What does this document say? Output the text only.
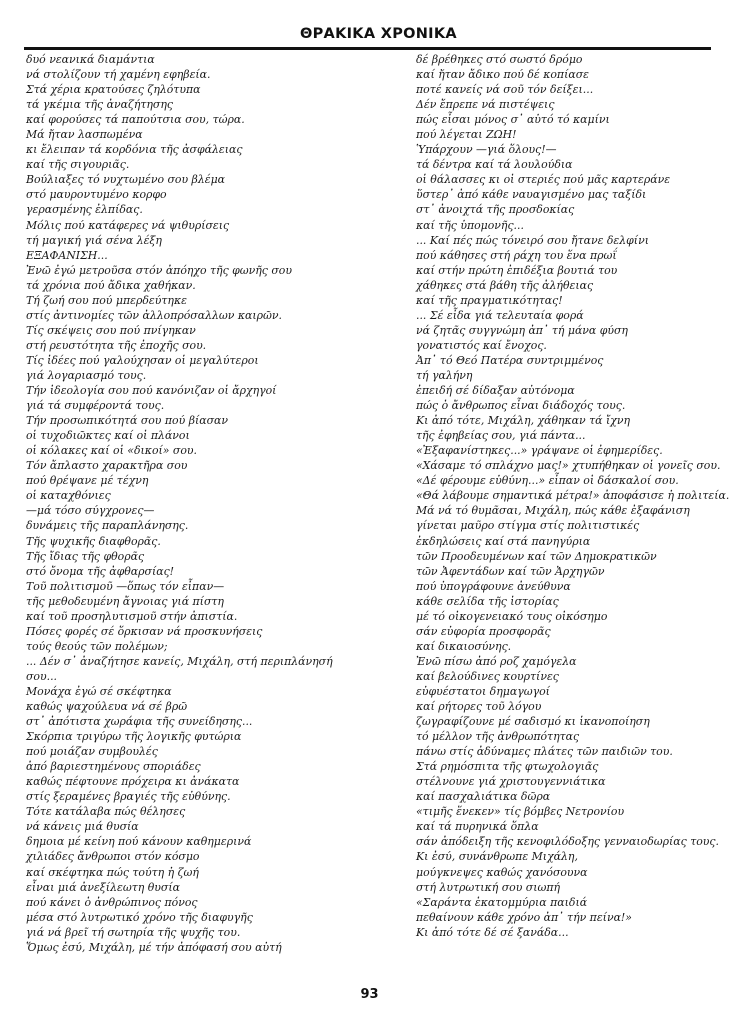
ΘΡΑΚΙΚΑ ΧΡΟΝΙΚΑ
δυό νεανικά διαμάντια
νά στολίζουν τή χαμένη εφηβεία.
Στά χέρια κρατούσες ζηλότυπα
τά γκέμια τῆς ἀναζήτησης
καί φορούσες τά παπούτσια σου, τώρα.
Μά ἤταν λασπωμένα
κι ἔλειπαν τά κορδόνια τῆς ἀσφάλειας
καί τῆς σιγουριᾶς.
Βούλιαξες τό νυχτωμένο σου βλέμα
στό μαυροντυμένο κορφο
γερασμένης ἐλπίδας.
Μόλις πού κατάφερες νά ψιθυρίσεις
τή μαγική γιά σένα λέξη
ΕΞΑΦΑΝΙΣΗ...
Ἐνῶ ἐγώ μετροῦσα στόν ἀπόηχο τῆς φωνῆς σου
τά χρόνια πού ἄδικα χαθήκαν.
Τή ζωή σου πού μπερδεύτηκε
στίς ἀντινομίες τῶν ἀλλοπρόσαλλων καιρῶν.
Τίς σκέψεις σου πού πνίγηκαν
στή ρευστότητα τῆς ἐποχῆς σου.
Τίς ἰδέες πού γαλούχησαν οἱ μεγαλύτεροι
γιά λογαριασμό τους.
Τήν ἰδεολογία σου πού κανόνιζαν οἱ ἄρχηγοί
γιά τά συμφέροντά τους.
Τήν προσωπικότητά σου πού βίασαν
οἱ τυχοδιῶκτες καί οἱ πλάνοι
οἱ κόλακες καί οἱ «δικοί» σου.
Τόν ἄπλαστο χαρακτῆρα σου
πού θρέψανε μέ τέχνη
οἱ καταχθόνιες
—μά τόσο σύγχρονες—
δυνάμεις τῆς παραπλάνησης.
Τῆς ψυχικῆς διαφθορᾶς.
Τῆς ἴδιας τῆς φθορᾶς
στό ὄνομα τῆς ἀφθαρσίας!
Τοῦ πολιτισμοῦ —ὅπως τόν εἶπαν—
τῆς μεθοδευμένη ἄγνοιας γιά πίστη
καί τοῦ προσηλυτισμοῦ στήν ἀπιστία.
Πόσες φορές σέ ὅρκισαν νά προσκυνήσεις
τούς θεούς τῶν πολέμων;
... Δέν σ᾽ ἀναζήτησε κανείς, Μιχάλη, στή περιπλάνησή
σου...
Μονάχα ἐγώ σέ σκέφτηκα
καθώς ψαχούλευα νά σέ βρῶ
στ᾽ ἀπότιστα χωράφια τῆς συνείδησης...
Σκόρπια τριγύρω τῆς λογικῆς φυτώρια
πού μοιάζαν συμβουλές
ἀπό βαριεστημένους σποριάδες
καθώς πέφτουνε πρόχειρα κι ἀνάκατα
στίς ξεραμένες βραγιές τῆς εὐθύνης.
Τότε κατάλαβα πώς θέλησες
νά κάνεις μιά θυσία
δημοια μέ κείνη πού κάνουν καθημερινά
χιλιάδες ἄνθρωποι στόν κόσμο
καί σκέφτηκα πώς τούτη ἡ ζωή
εἶναι μιά ἀνεξίλεωτη θυσία
πού κάνει ὁ ἀνθρώπινος πόνος
μέσα στό λυτρωτικό χρόνο τῆς διαφυγῆς
γιά νά βρεῖ τή σωτηρία τῆς ψυχῆς του.
Ὅμως ἐσύ, Μιχάλη, μέ τήν ἀπόφασή σου αὐτή
δέ βρέθηκες στό σωστό δρόμο
καί ἤταν ἄδικο πού δέ κοπίασε
ποτέ κανείς νά σοῦ τόν δείξει...
Δέν ἔπρεπε νά πιστέψεις
πώς εἶσαι μόνος σ᾽ αὐτό τό καμίνι
πού λέγεται ΖΩΗ!
Ὑπάρχουν —γιά ὅλους!—
τά δέντρα καί τά λουλούδια
οἱ θάλασσες κι οἱ στεριές πού μᾶς καρτεράνε
ὕστερ᾽ ἀπό κάθε ναυαγισμένο μας ταξίδι
στ᾽ ἀνοιχτά τῆς προσδοκίας
καί τῆς ὑπομονῆς...
... Καί πές πώς τόνειρό σου ἤτανε δελφίνι
πού κάθησες στή ράχη του ἕνα πρωΐ
καί στήν πρώτη ἐπιδέξια βουτιά του
χάθηκες στά βάθη τῆς ἀλήθειας
καί τῆς πραγματικότητας!
... Σέ εἶδα γιά τελευταία φορά
νά ζητᾶς συγγνώμη ἀπ᾽ τή μάνα φύση
γονατιστός καί ἔνοχος.
Ἀπ᾽ τό Θεό Πατέρα συντριμμένος
τή γαλήνη
ἐπειδή σέ δίδαξαν αὐτόνομα
πώς ὁ ἄνθρωπος εἶναι διάδοχός τους.
Κι ἀπό τότε, Μιχάλη, χάθηκαν τά ἴχνη
τῆς ἐφηβείας σου, γιά πάντα...
«Ἐξαφανίστηκες...» γράψανε οἱ ἐφημερίδες.
«Χάσαμε τό σπλάχνο μας!» χτυπήθηκαν οἱ γονεῖς σου.
«Δέ φέρουμε εὐθύνη...» εἶπαν οἱ δάσκαλοί σου.
«Θά λάβουμε σημαντικά μέτρα!» ἀποφάσισε ἡ πολιτεία.
Μά νά τό θυμᾶσαι, Μιχάλη, πώς κάθε ἐξαφάνιση
γίνεται μαῦρο στίγμα στίς πολιτιστικές
ἐκδηλώσεις καί στά πανηγύρια
τῶν Προοδευμένων καί τῶν Δημοκρατικῶν
τῶν Ἀφεντάδων καί τῶν Ἀρχηγῶν
πού ὑπογράφουνε ἀνεύθυνα
κάθε σελίδα τῆς ἱστορίας
μέ τό οἰκογενειακό τους οἰκόσημο
σάν εὐφορία προσφορᾶς
καί δικαιοσύνης.
Ἐνῶ πίσω ἀπό ροζ χαμόγελα
καί βελούδινες κουρτίνες
εὐφυέστατοι δημαγωγοί
καί ρήτορες τοῦ λόγου
ζωγραφίζουνε μέ σαδισμό κι ἱκανοποίηση
τό μέλλον τῆς ἀνθρωπότητας
πάνω στίς ἀδύναμες πλάτες τῶν παιδιῶν του.
Στά ρημόσπιτα τῆς φτωχολογιᾶς
στέλνουνε γιά χριστουγεννιάτικα
καί πασχαλιάτικα δῶρα
«τιμῆς ἕνεκεν» τίς βόμβες Νετρονίου
καί τά πυρηνικά ὅπλα
σάν ἀπόδειξη τῆς κενοφιλόδοξης γενναιοδωρίας τους.
Κι ἐσύ, συνάνθρωπε Μιχάλη,
μούγκνεψες καθώς χανόσουνα
στή λυτρωτική σου σιωπή
«Σαράντα ἑκατομμύρια παιδιά
πεθαίνουν κάθε χρόνο ἀπ᾽ τήν πείνα!»
Κι ἀπό τότε δέ σέ ξανάδα...
93
